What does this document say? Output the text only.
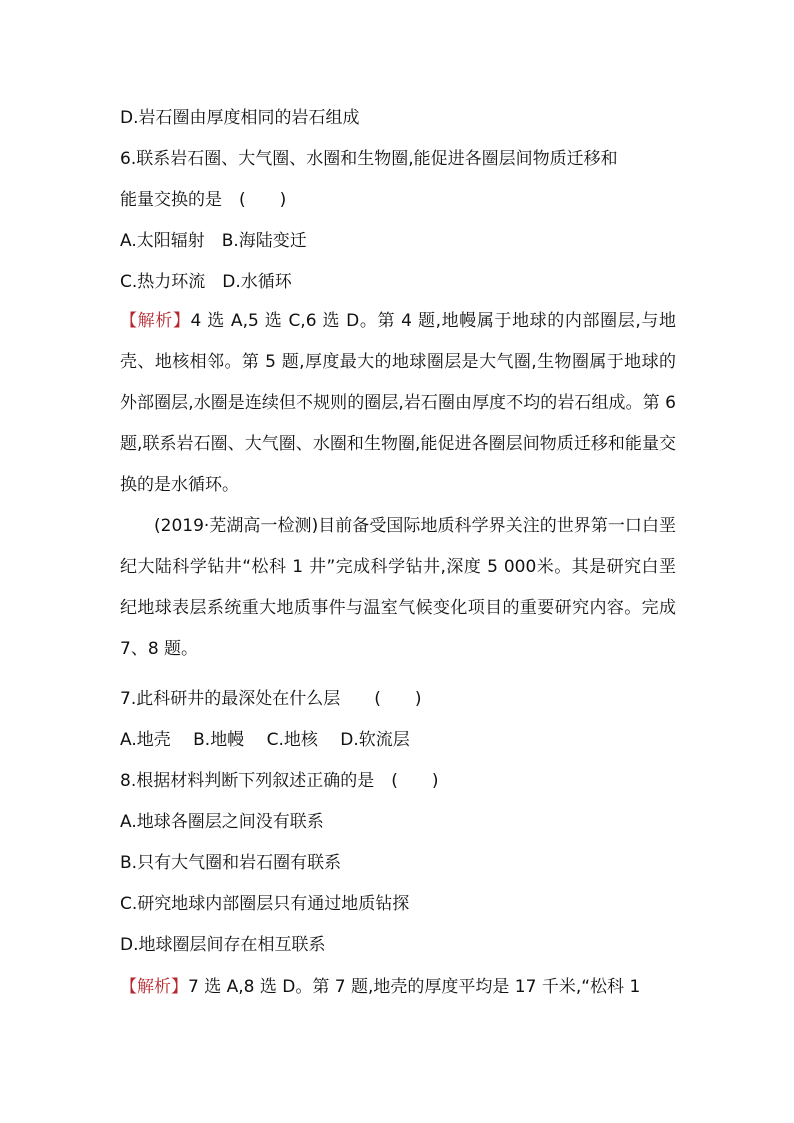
D.岩石圈由厚度相同的岩石组成
6.联系岩石圈、大气圈、水圈和生物圈,能促进各圈层间物质迁移和
能量交换的是　(　　)
A.太阳辐射　B.海陆变迁
C.热力环流　D.水循环
【解析】4 选 A,5 选 C,6 选 D。第 4 题,地幔属于地球的内部圈层,与地壳、地核相邻。第 5 题,厚度最大的地球圈层是大气圈,生物圈属于地球的外部圈层,水圈是连续但不规则的圈层,岩石圈由厚度不均的岩石组成。第 6 题,联系岩石圈、大气圈、水圈和生物圈,能促进各圈层间物质迁移和能量交换的是水循环。
(2019·芜湖高一检测)目前备受国际地质科学界关注的世界第一口白垩纪大陆科学钻井“松科 1 井”完成科学钻井,深度 5 000米。其是研究白垩纪地球表层系统重大地质事件与温室气候变化项目的重要研究内容。完成 7、8 题。
7.此科研井的最深处在什么层　　(　　)
A.地壳　 B.地幔　 C.地核　 D.软流层
8.根据材料判断下列叙述正确的是　(　　)
A.地球各圈层之间没有联系
B.只有大气圈和岩石圈有联系
C.研究地球内部圈层只有通过地质钻探
D.地球圈层间存在相互联系
【解析】7 选 A,8 选 D。第 7 题,地壳的厚度平均是 17 千米,“松科 1
